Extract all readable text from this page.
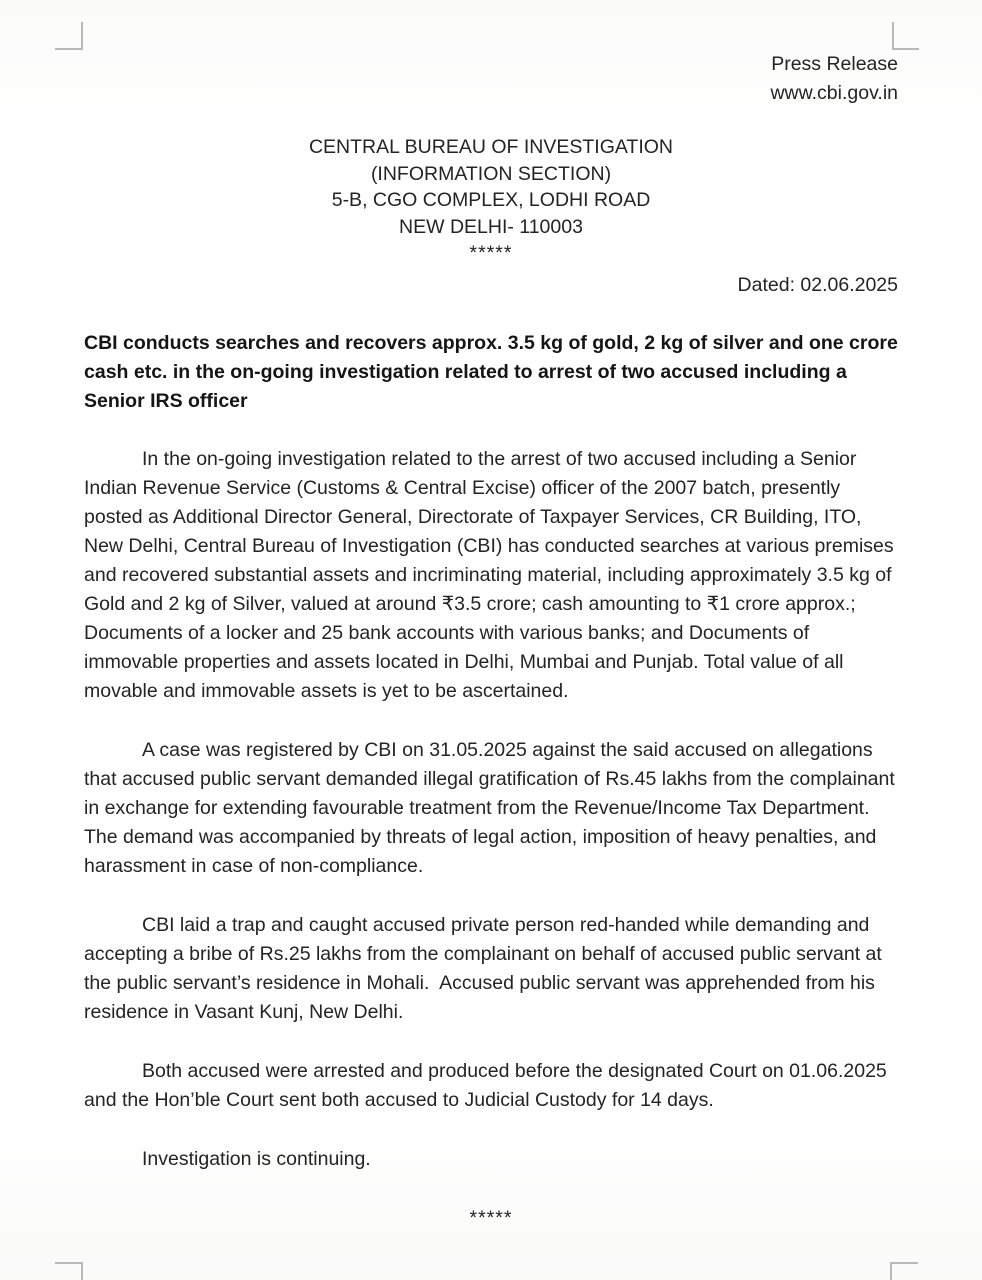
Press Release
www.cbi.gov.in
CENTRAL BUREAU OF INVESTIGATION
(INFORMATION SECTION)
5-B, CGO COMPLEX, LODHI ROAD
NEW DELHI- 110003
*****
Dated: 02.06.2025
CBI conducts searches and recovers approx. 3.5 kg of gold, 2 kg of silver and one crore cash etc. in the on-going investigation related to arrest of two accused including a Senior IRS officer

In the on-going investigation related to the arrest of two accused including a Senior Indian Revenue Service (Customs & Central Excise) officer of the 2007 batch, presently posted as Additional Director General, Directorate of Taxpayer Services, CR Building, ITO, New Delhi, Central Bureau of Investigation (CBI) has conducted searches at various premises and recovered substantial assets and incriminating material, including approximately 3.5 kg of Gold and 2 kg of Silver, valued at around ₹3.5 crore; cash amounting to ₹1 crore approx.; Documents of a locker and 25 bank accounts with various banks; and Documents of immovable properties and assets located in Delhi, Mumbai and Punjab. Total value of all movable and immovable assets is yet to be ascertained.

A case was registered by CBI on 31.05.2025 against the said accused on allegations that accused public servant demanded illegal gratification of Rs.45 lakhs from the complainant in exchange for extending favourable treatment from the Revenue/Income Tax Department. The demand was accompanied by threats of legal action, imposition of heavy penalties, and harassment in case of non-compliance.

CBI laid a trap and caught accused private person red-handed while demanding and accepting a bribe of Rs.25 lakhs from the complainant on behalf of accused public servant at the public servant’s residence in Mohali.  Accused public servant was apprehended from his residence in Vasant Kunj, New Delhi.

Both accused were arrested and produced before the designated Court on 01.06.2025 and the Hon’ble Court sent both accused to Judicial Custody for 14 days.

Investigation is continuing.

*****
